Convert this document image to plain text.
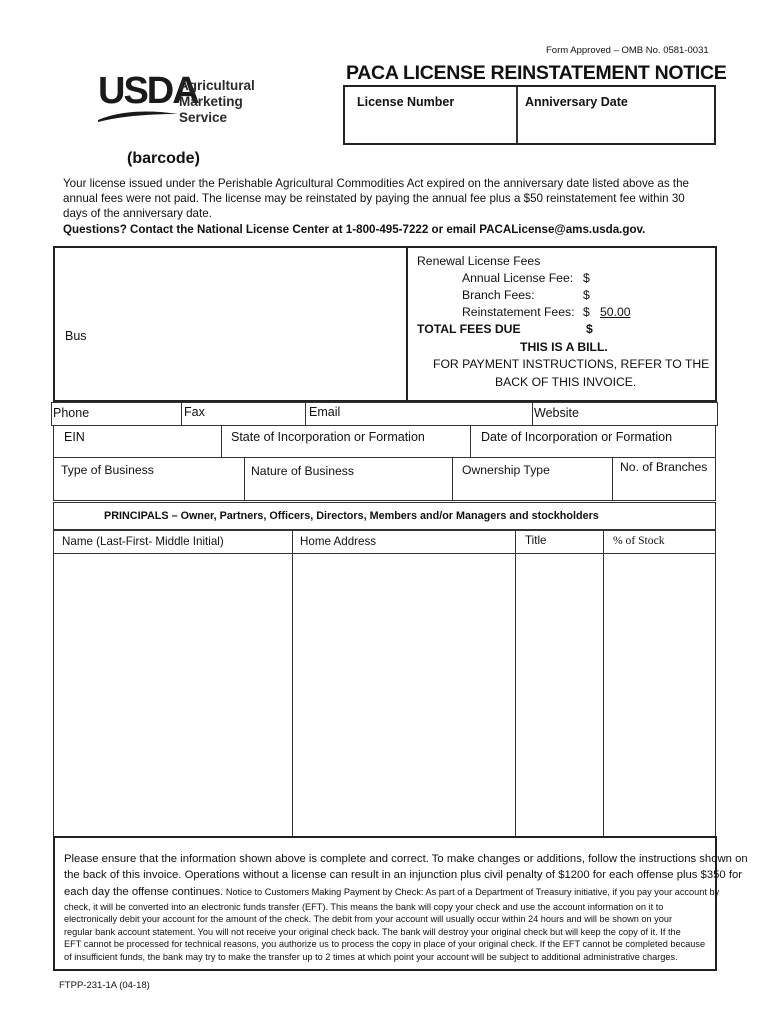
Form Approved – OMB No. 0581-0031
PACA LICENSE REINSTATEMENT NOTICE
License Number	Anniversary Date
USDA
Agricultural
Marketing
Service
(barcode)
Your license issued under the Perishable Agricultural Commodities Act expired on the anniversary date listed above as the
annual fees were not paid. The license may be reinstated by paying the annual fee plus a $50 reinstatement fee within 30
days of the anniversary date.
Questions? Contact the National License Center at 1-800-495-7222 or email PACALicense@ams.usda.gov.
Bus
Renewal License Fees
Annual License Fee: $
Branch Fees:	$
Reinstatement Fees: $ 50.00
TOTAL FEES DUE	$
THIS IS A BILL.
FOR PAYMENT INSTRUCTIONS, REFER TO THE
BACK OF THIS INVOICE.
Phone	Fax	Email	Website
EIN	State of Incorporation or Formation	Date of Incorporation or Formation
Type of Business	Nature of Business	Ownership Type	No. of Branches
PRINCIPALS – Owner, Partners, Officers, Directors, Members and/or Managers and stockholders
Name (Last-First- Middle Initial)	Home Address	Title	% of Stock
Please ensure that the information shown above is complete and correct. To make changes or additions, follow the instructions shown on
the back of this invoice. Operations without a license can result in an injunction plus civil penalty of $1200 for each offense plus $350 for
each day the offense continues. Notice to Customers Making Payment by Check: As part of a Department of Treasury initiative, if you pay your account by
check, it will be converted into an electronic funds transfer (EFT). This means the bank will copy your check and use the account information on it to
electronically debit your account for the amount of the check. The debit from your account will usually occur within 24 hours and will be shown on your
regular bank account statement. You will not receive your original check back. The bank will destroy your original check but will keep the copy of it. If the
EFT cannot be processed for technical reasons, you authorize us to process the copy in place of your original check. If the EFT cannot be completed because
of insufficient funds, the bank may try to make the transfer up to 2 times at which point your account will be subject to additional administrative charges.
FTPP-231-1A (04-18)
